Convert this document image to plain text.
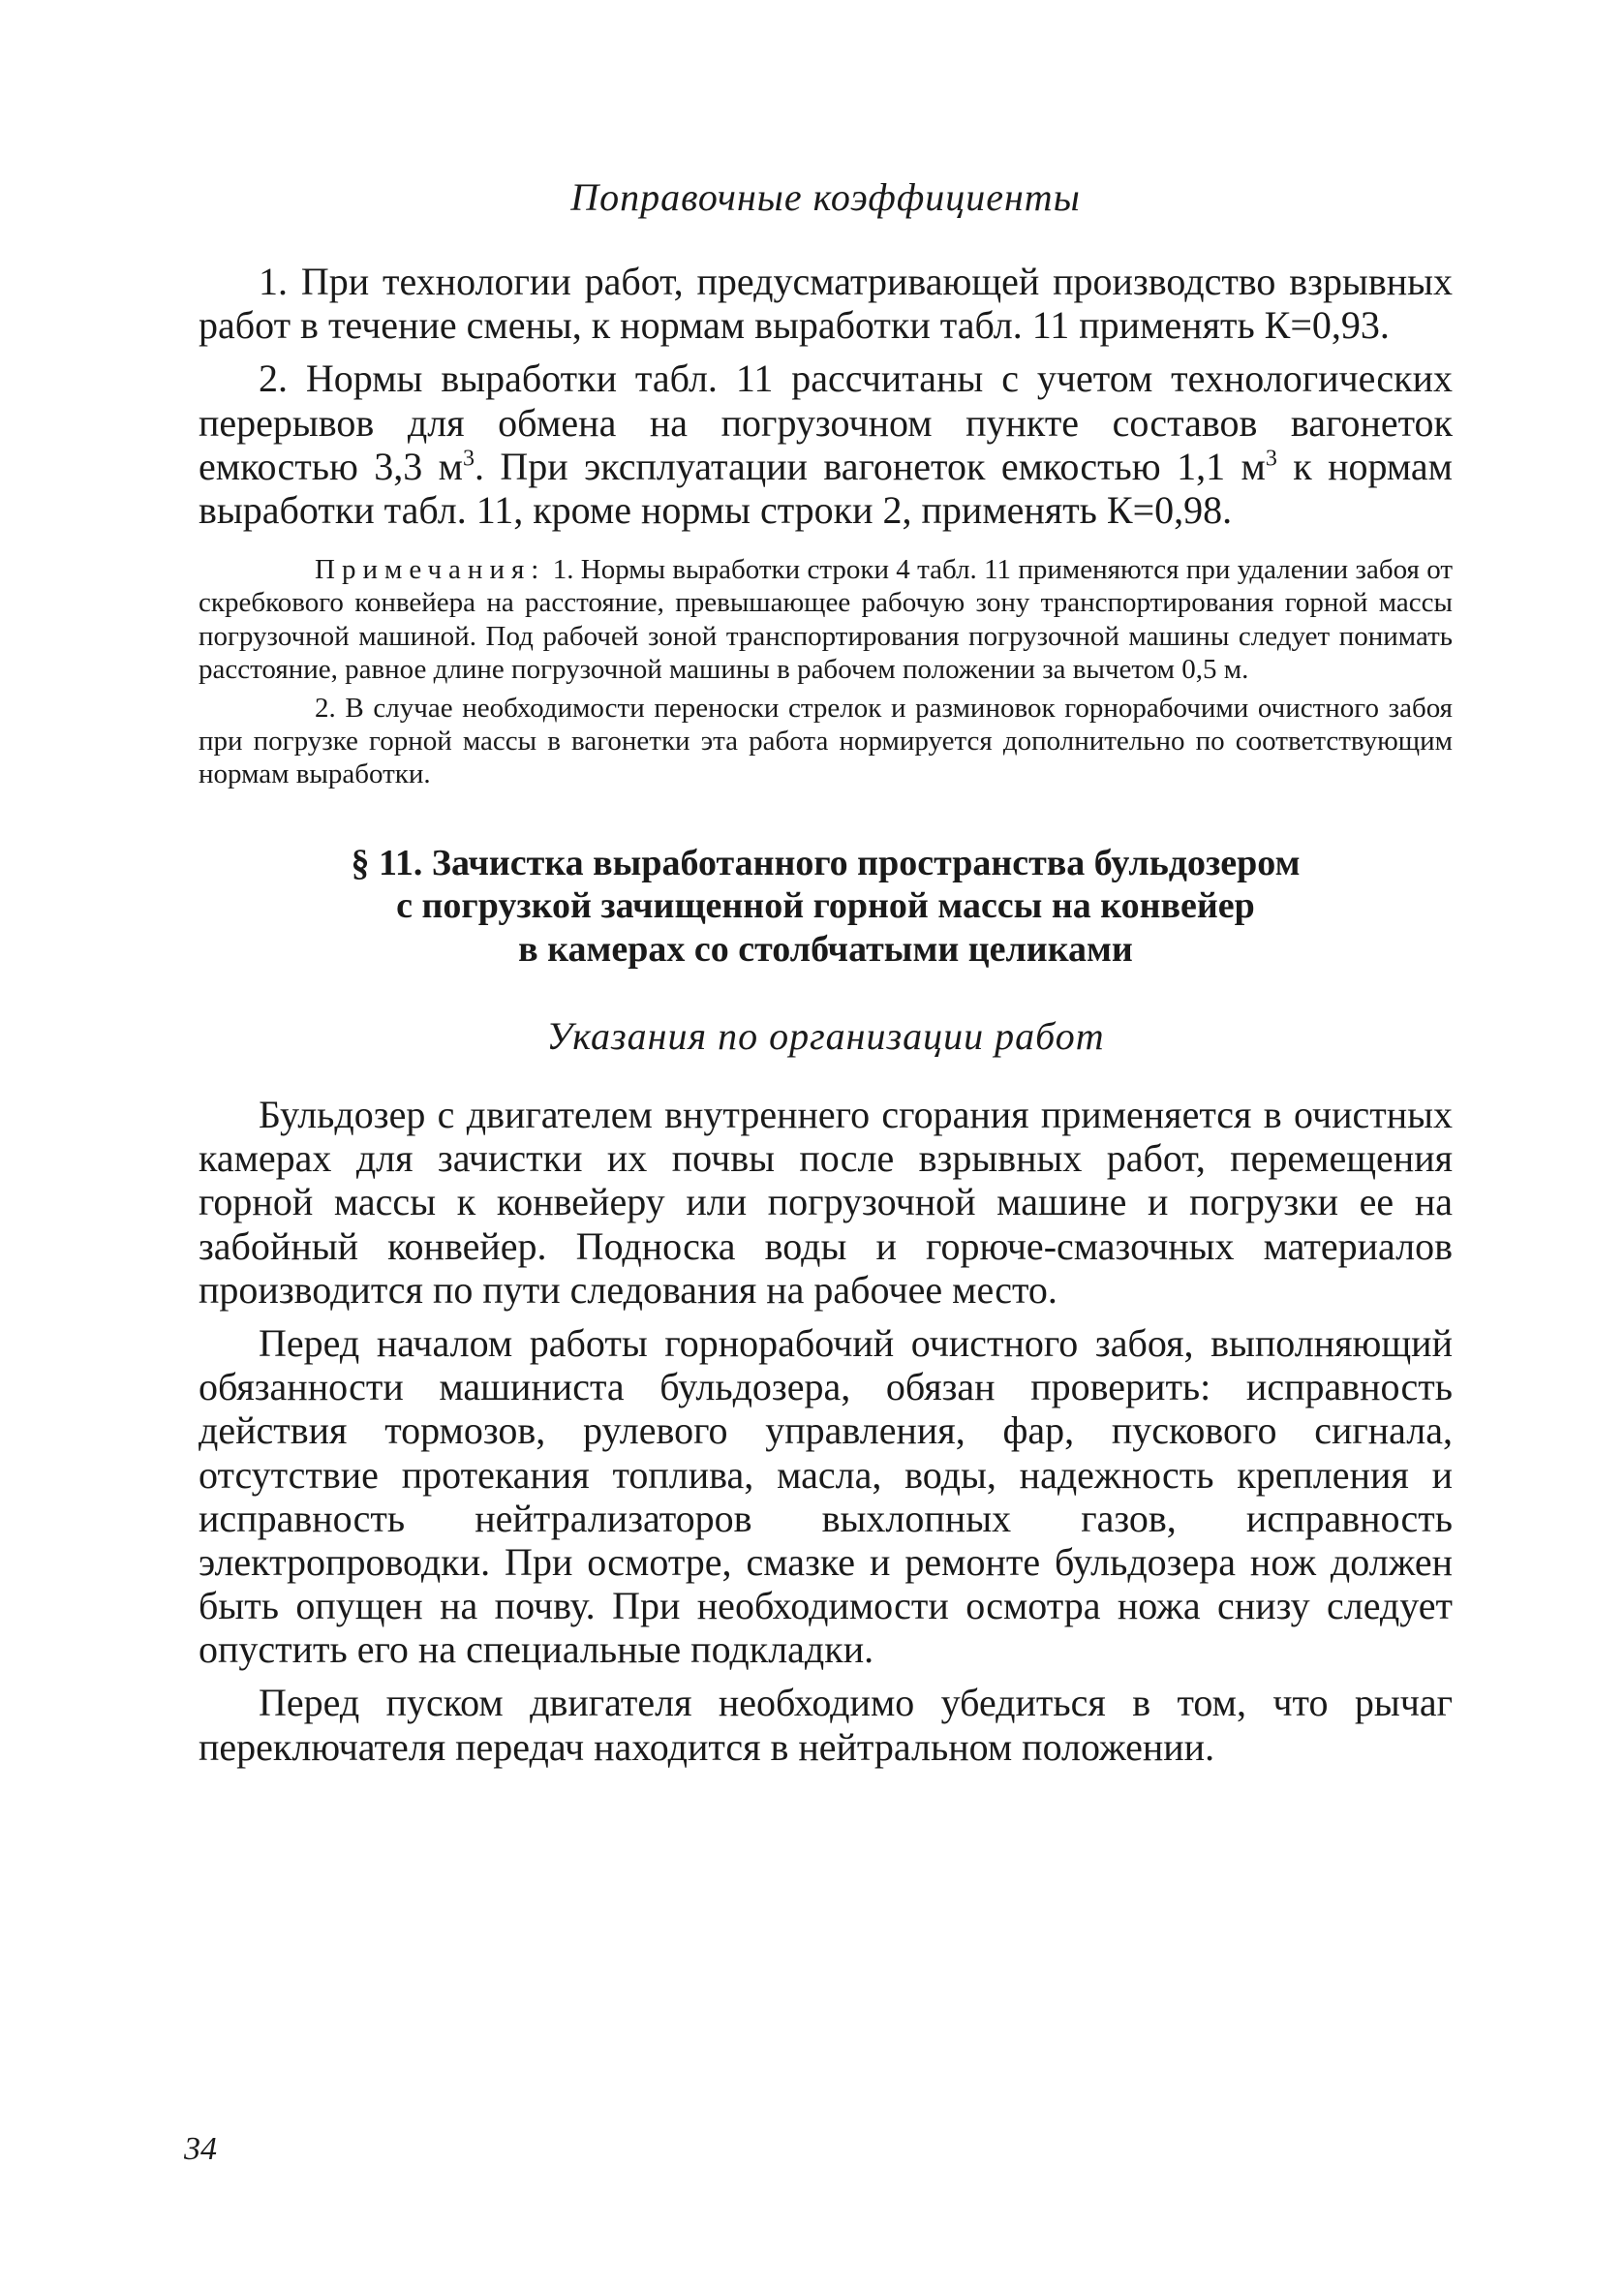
Поправочные коэффициенты

1. При технологии работ, предусматривающей производство взрывных работ в течение смены, к нормам выработки табл. 11 применять К=0,93.

2. Нормы выработки табл. 11 рассчитаны с учетом технологических перерывов для обмена на погрузочном пункте составов вагонеток емкостью 3,3 $м^3$. При эксплуатации вагонеток емкостью 1,1 $м^3$ к нормам выработки табл. 11, кроме нормы строки 2, применять К=0,98.

Примечания: 1. Нормы выработки строки 4 табл. 11 применяются при удалении забоя от скребкового конвейера на расстояние, превышающее рабочую зону транспортирования горной массы погрузочной машиной. Под рабочей зоной транспортирования погрузочной машины следует понимать расстояние, равное длине погрузочной машины в рабочем положении за вычетом 0,5 м.

2. В случае необходимости переноски стрелок и разминовок горнорабочими очистного забоя при погрузке горной массы в вагонетки эта работа нормируется дополнительно по соответствующим нормам выработки.

§ 11. Зачистка выработанного пространства бульдозером
с погрузкой зачищенной горной массы на конвейер
в камерах со столбчатыми целиками
Указания по организации работ

Бульдозер с двигателем внутреннего сгорания применяется в очистных камерах для зачистки их почвы после взрывных работ, перемещения горной массы к конвейеру или погрузочной машине и погрузки ее на забойный конвейер. Подноска воды и горюче-смазочных материалов производится по пути следования на рабочее место.

Перед началом работы горнорабочий очистного забоя, выполняющий обязанности машиниста бульдозера, обязан проверить: исправность действия тормозов, рулевого управления, фар, пускового сигнала, отсутствие протекания топлива, масла, воды, надежность крепления и исправность нейтрализаторов выхлопных газов, исправность электропроводки. При осмотре, смазке и ремонте бульдозера нож должен быть опущен на почву. При необходимости осмотра ножа снизу следует опустить его на специальные подкладки.

Перед пуском двигателя необходимо убедиться в том, что рычаг переключателя передач находится в нейтральном положении.

34
